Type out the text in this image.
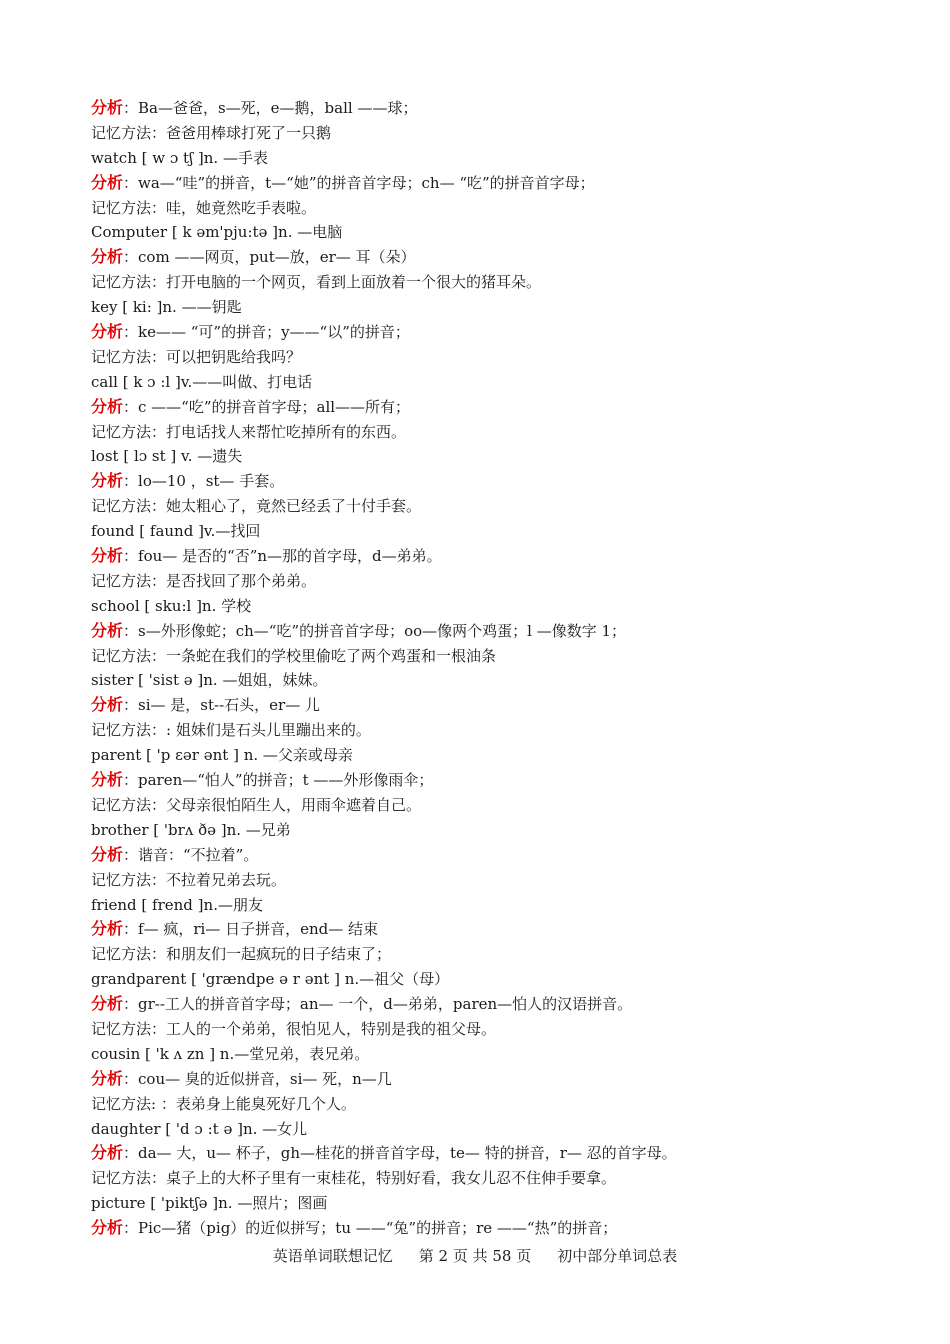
分析：Ba—爸爸，s—死，e—鹅，ball ——球；
记忆方法：爸爸用棒球打死了一只鹅
watch [ w ɔ tʃ ]n. —手表
分析：wa—“哇”的拼音，t—“她”的拼音首字母；ch— “吃”的拼音首字母；
记忆方法：哇，她竟然吃手表啦。
Computer [ k əm'pju:tə ]n. —电脑
分析：com ——网页，put—放，er— 耳（朵）
记忆方法：打开电脑的一个网页，看到上面放着一个很大的猪耳朵。
key [ ki: ]n. ——钥匙
分析：ke—— “可”的拼音；y——“以”的拼音；
记忆方法：可以把钥匙给我吗？
call [ k ɔ :l ]v.——叫做、打电话
分析：c ——“吃”的拼音首字母；all——所有；
记忆方法：打电话找人来帮忙吃掉所有的东西。
lost [ lɔ st ] v. —遗失
分析：lo—10 ，st— 手套。
记忆方法：她太粗心了，竟然已经丢了十付手套。
found [ faund ]v.—找回
分析：fou— 是否的“否”n—那的首字母，d—弟弟。
记忆方法：是否找回了那个弟弟。
school [ sku:l ]n. 学校
分析：s—外形像蛇；ch—“吃”的拼音首字母；oo—像两个鸡蛋；l —像数字 1；
记忆方法：一条蛇在我们的学校里偷吃了两个鸡蛋和一根油条
sister [ 'sist ə ]n. —姐姐，妹妹。
分析：si— 是，st--石头，er— 儿
记忆方法：: 姐妹们是石头儿里蹦出来的。
parent [ 'p ɛər ənt ] n. —父亲或母亲
分析：paren—“怕人”的拼音；t ——外形像雨伞；
记忆方法：父母亲很怕陌生人，用雨伞遮着自己。
brother [ 'brʌ ðə ]n. —兄弟
分析：谐音：“不拉着”。
记忆方法：不拉着兄弟去玩。
friend [ frend ]n.—朋友
分析：f— 疯，ri— 日子拼音，end— 结束
记忆方法：和朋友们一起疯玩的日子结束了；
grandparent [ 'grændpe ə r ənt ] n.—祖父（母）
分析：gr--工人的拼音首字母；an— 一个，d—弟弟，paren—怕人的汉语拼音。
记忆方法：工人的一个弟弟，很怕见人，特别是我的祖父母。
cousin [ 'k ʌ zn ] n.—堂兄弟，表兄弟。
分析：cou— 臭的近似拼音，si— 死，n—几
记忆方法: ：表弟身上能臭死好几个人。
daughter [ 'd ɔ :t ə ]n. —女儿
分析：da— 大，u— 杯子，gh—桂花的拼音首字母，te— 特的拼音，r— 忍的首字母。
记忆方法：桌子上的大杯子里有一束桂花，特别好看，我女儿忍不住伸手要拿。
picture [ 'piktʃə ]n. —照片；图画
分析：Pic—猪（pig）的近似拼写；tu ——“兔”的拼音；re ——“热”的拼音；
英语单词联想记忆 第 2 页 共 58 页 初中部分单词总表
